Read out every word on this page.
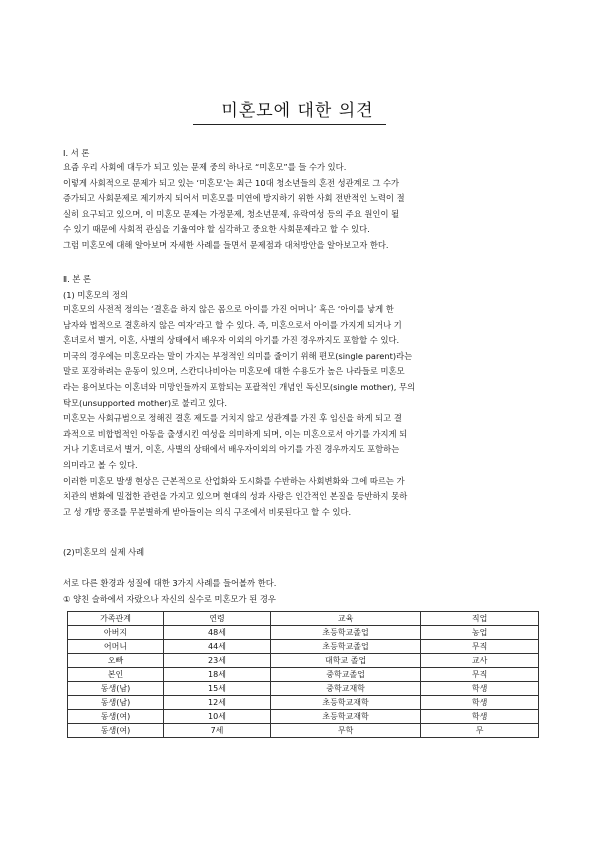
미혼모에 대한 의견
Ⅰ. 서 론
요즘 우리 사회에 대두가 되고 있는 문제 중의 하나로 “미혼모”를 들 수가 있다.
이렇게 사회적으로 문제가 되고 있는 ‘미혼모’는 최근 10대 청소년들의 혼전 성관계로 그 수가
증가되고 사회문제로 제기까지 되어서 미혼모를 미연에 방지하기 위한 사회 전반적인 노력이 절
실히 요구되고 있으며, 이 미혼모 문제는 가정문제, 청소년문제, 유락여성 등의 주요 원인이 될
수 있기 때문에 사회적 관심을 기울여야 할 심각하고 중요한 사회문제라고 할 수 있다.
그럼 미혼모에 대해 알아보며 자세한 사례를 들면서 문제점과 대처방안을 알아보고자 한다.
Ⅱ. 본 론
(1) 미혼모의 정의
미혼모의 사전적 정의는 ‘결혼을 하지 않은 몸으로 아이를 가진 어머니’ 혹은 ‘아이를 낳게 한
남자와 법적으로 결혼하지 않은 여자’라고 할 수 있다. 즉, 미혼으로서 아이를 가지게 되거나 기
혼녀로서 별거, 이혼, 사별의 상태에서 배우자 이외의 아기를 가진 경우까지도 포함할 수 있다.
미국의 경우에는 미혼모라는 말이 가지는 부정적인 의미를 줄이기 위해 편모(single parent)라는
말로 포장하려는 운동이 있으며, 스칸디나비아는 미혼모에 대한 수용도가 높은 나라들로 미혼모
라는 용어보다는 이혼녀와 미망인들까지 포함되는 포괄적인 개념인 독신모(single mother), 무의
탁모(unsupported mother)로 불리고 있다.
미혼모는 사회규범으로 정해진 결혼 제도를 거치지 않고 성관계를 가진 후 임신을 하게 되고 결
과적으로 비합법적인 아동을 출생시킨 여성을 의미하게 되며, 이는 미혼으로서 아기를 가지게 되
거나 기혼녀로서 별거, 이혼, 사별의 상태에서 배우자이외의 아기를 가진 경우까지도 포함하는
의미라고 볼 수 있다.
이러한 미혼모 발생 현상은 근본적으로 산업화와 도시화를 수반하는 사회변화와 그에 따르는 가
치관의 변화에 밀접한 관련을 가지고 있으며 현대의 성과 사랑은 인간적인 본질을 등반하지 못하
고 성 개방 풍조를 무분별하게 받아들이는 의식 구조에서 비롯된다고 할 수 있다.
(2)미혼모의 실제 사례
서로 다른 환경과 성질에 대한 3가지 사례를 들어볼까 한다.
① 양친 슬하에서 자랐으나 자신의 실수로 미혼모가 된 경우
가족관계	연령	교육	직업
아버지	48세	초등학교졸업	농업
어머니	44세	초등학교졸업	무직
오빠	23세	대학교 졸업	교사
본인	18세	중학교졸업	무직
동생(남)	15세	중학교재학	학생
동생(남)	12세	초등학교재학	학생
동생(여)	10세	초등학교재학	학생
동생(여)	7세	무학	무
